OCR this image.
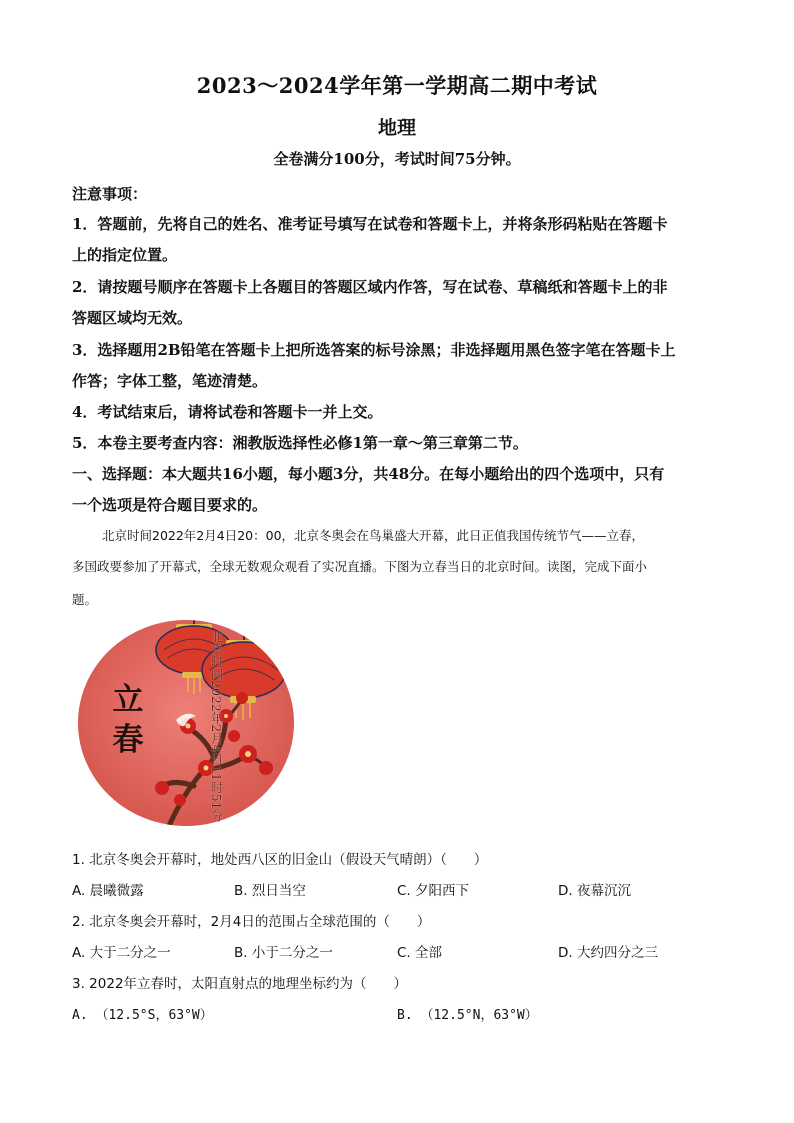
2023～2024学年第一学期高二期中考试
地理
全卷满分100分，考试时间75分钟。
注意事项：
1．答题前，先将自己的姓名、准考证号填写在试卷和答题卡上，并将条形码粘贴在答题卡
上的指定位置。
2．请按题号顺序在答题卡上各题目的答题区域内作答，写在试卷、草稿纸和答题卡上的非
答题区域均无效。
3．选择题用2B铅笔在答题卡上把所选答案的标号涂黑；非选择题用黑色签字笔在答题卡上
作答；字体工整，笔迹清楚。
4．考试结束后，请将试卷和答题卡一并上交。
5．本卷主要考查内容：湘教版选择性必修1第一章～第三章第二节。
一、选择题：本大题共16小题，每小题3分，共48分。在每小题给出的四个选项中，只有
一个选项是符合题目要求的。
北京时间2022年2月4日20：00，北京冬奥会在鸟巢盛大开幕，此日正值我国传统节气——立春，
多国政要参加了开幕式，全球无数观众观看了实况直播。下图为立春当日的北京时间。读图，完成下面小
题。
立春	北京时间2022年2月4日11时51分
1. 北京冬奥会开幕时，地处西八区的旧金山（假设天气晴朗）（　　）
A. 晨曦微露	B. 烈日当空	C. 夕阳西下	D. 夜幕沉沉
2. 北京冬奥会开幕时，2月4日的范围占全球范围的（　　）
A. 大于二分之一	B. 小于二分之一	C. 全部	D. 大约四分之三
3. 2022年立春时，太阳直射点的地理坐标约为（　　）
A. （12.5°S，63°W）	B. （12.5°N，63°W）
